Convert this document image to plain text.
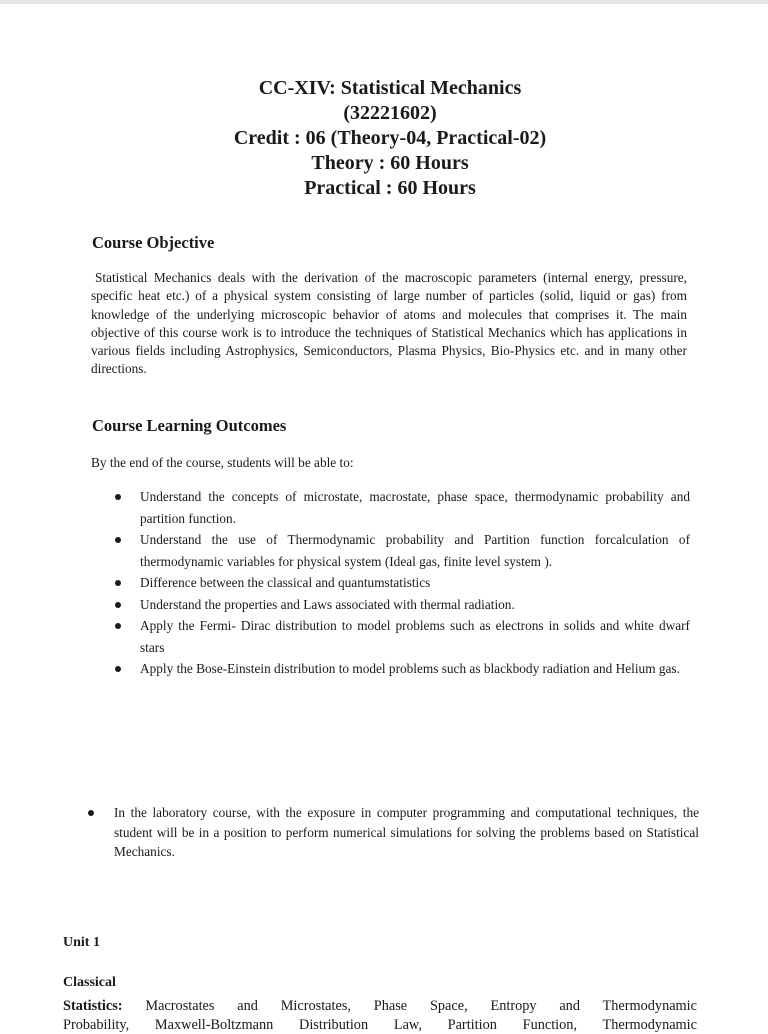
CC-XIV: Statistical Mechanics
(32221602)
Credit : 06 (Theory-04, Practical-02)
Theory : 60 Hours
Practical : 60 Hours
Course Objective
Statistical Mechanics deals with the derivation of the macroscopic parameters (internal energy, pressure, specific heat etc.) of a physical system consisting of large number of particles (solid, liquid or gas) from knowledge of the underlying microscopic behavior of atoms and molecules that comprises it. The main objective of this course work is to introduce the techniques of Statistical Mechanics which has applications in various fields including Astrophysics, Semiconductors, Plasma Physics, Bio-Physics etc. and in many other directions.
Course Learning Outcomes
By the end of the course, students will be able to:
Understand the concepts of microstate, macrostate, phase space, thermodynamic probability and partition function.
Understand the use of Thermodynamic probability and Partition function forcalculation of thermodynamic variables for physical system (Ideal gas, finite level system ).
Difference between the classical and quantumstatistics
Understand the properties and Laws associated with thermal radiation.
Apply the Fermi- Dirac distribution to model problems such as electrons in solids and white dwarf stars
Apply the Bose-Einstein distribution to model problems such as blackbody radiation and Helium gas.
In the laboratory course, with the exposure in computer programming and computational techniques, the student will be in a position to perform numerical simulations for solving the problems based on Statistical Mechanics.
Unit 1
Classical
Statistics: Macrostates and Microstates, Phase Space, Entropy and Thermodynamic
Probability, Maxwell-Boltzmann Distribution Law, Partition Function, Thermodynamic
